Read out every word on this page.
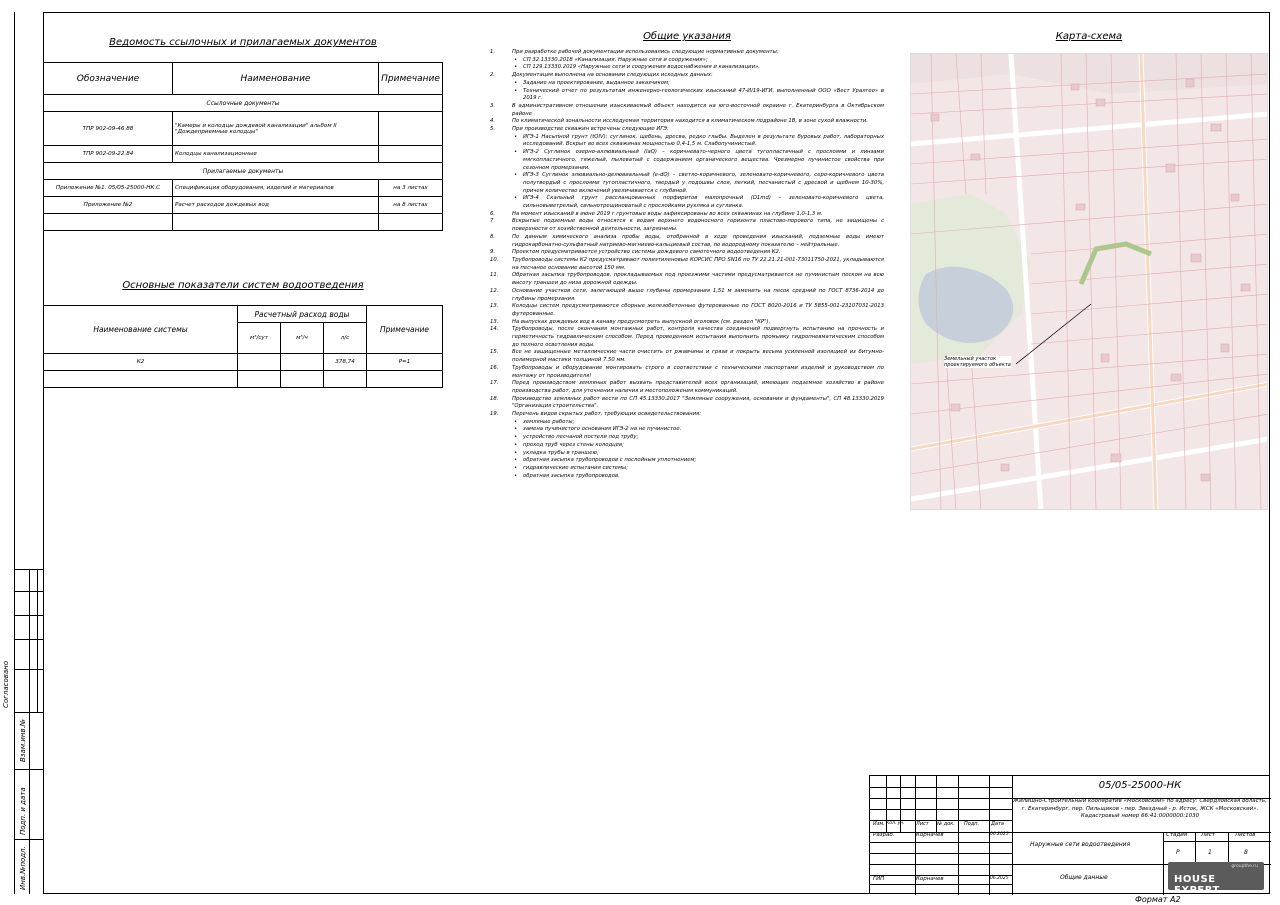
Согласовано
Взам.инв.№
Подп. и дата
Инв.№подл.
Ведомость ссылочных и прилагаемых документов
Обозначение	Наименование	Примечание
Ссылочные документы		
ТПР 902-09-46.88	"Камеры и колодцы дождевой канализации" альбом II "Дождеприемные колодцы"	
ТПР 902-09-22.84	Колодцы канализационные	
Прилагаемые документы		
Приложение №1. 05/05-25000-НК.С	Спецификация оборудования, изделий и материалов	на 3 листах
Приложение №2	Расчет расходов дождевых вод	на 8 листах

Основные показатели систем водоотведения
Наименование системы	Расчетный расход воды			Примечание
	м³/сут	м³/ч	л/с	

К2			378,74	Р=1

Общие указания
1.	При разработке рабочей документации использовались следующие нормативные документы:
• СП 32.13330.2018 «Канализация. Наружные сети и сооружения»;
• СП 129.13330.2019 «Наружные сети и сооружения водоснабжения и канализации».
2.	Документация выполнена на основании следующих исходных данных:
• Задание на проектирование, выданное заказчиком;
• Технический отчет по результатам инженерно-геологических изысканий 47-И/19-ИГИ, выполненный ООО «Вест Уралгео» в 2019 г.
3.	В административном отношении изыскиваемый объект находится на юго-восточной окраине г. Екатеринбурга в Октябрьском районе
4.	По климатической зональности исследуемая территория находится в климатическом подрайоне 1В, в зоне сухой влажности.
5.	При производстве скважин встречены следующие ИГЭ:
• ИГЭ-1 Насыпной грунт (tQIV): суглинок, щебень, дресва, редко глыбы. Выделен в результате буровых работ, лабораторных исследований. Вскрыт во всех скважинах мощностью 0,4-1,5 м. Слабопучинистый.
• ИГЭ-2 Суглинок озерно-аллювиальный (laQ) – коричневато-черного цвета тугопластичный с прослоями и линзами мягкопластичного, тяжелый, пылеватый с содержанием органического вещества. Чрезмерно пучинистое свойства при сезонном промерзании.
• ИГЭ-3 Суглинок элювиально-делювиальный (e-dQ) – светло-коричневого, зеленовато-коричневого, серо-коричневого цвета полутвердый с прослоями тугопластичного, твердый у подошвы слоя, легкий, песчанистый с дресвой и щебнем 10-30%, причем количество включений увеличивается с глубиной.
• ИГЭ-4 Скальный грунт рассланцованных порфиритов малопрочный (D1md) – зеленовато-коричневого цвета, сильновыветрелый, сильнотрещиноватый с прослойками рухляка и суглинка.
6.	На момент изысканий в июне 2019 г грунтовые воды зафиксированы во всех скважинах на глубине 1,0-1,3 м.
7.	Вскрытые подземные воды относятся к водам верхнего водоносного горизонта пластово-порового типа, не защищены с поверхности от хозяйственной деятельности, загрязнены.
8.	По данным химического анализа пробы воды, отобранной в ходе проведения изысканий, подземные воды имеют гидрокарбонатно-сульфатный натриево-магниево-кальциевый состав, по водородному показателю – нейтральные.
9.	Проектом предусматривается устройство системы дождевого самотечного водоотведения К2.
10.	Трубопроводы системы К2 предусматривают полиэтиленовые КОРСИС ПРО SN16 по ТУ 22.21.21-001-73011750-2021, укладываются на песчаное основание высотой 150 мм.
11.	Обратная засыпка трубопроводов, прокладываемых под проезжими частями предусматривается не пучинистым песком на всю высоту траншеи до низа дорожной одежды.
12.	Основание участков сети, залегающей выше глубины промерзания 1,51 м заменить на песок средний по ГОСТ 8736-2014 до глубины промерзания.
13.	Колодцы систем предусматриваются сборные железобетонные футерованные по ГОСТ 8020-2016 и ТУ 5855-001-23107031-2013 футерованные.
13.	На выпусках дождевых вод в канаву предусмотреть выпускной оголовок (см. раздел "КР").
14.	Трубопроводы, после окончания монтажных работ, контроля качества соединений подвергнуть испытанию на прочность и герметичность гидравлическим способом. Перед проведением испытания выполнить промывку гидропневматическим способом до полного осветления воды.
15.	Все не защищенные металлические части очистить от ржавчины и грязи и покрыть весьма усиленной изоляцией из битумно-полимерной мастики толщиной 7.50 мм.
16.	Трубопроводы и оборудование монтировать строго в соответствии с техническими паспортами изделий и руководством по монтажу от производителя!
17.	Перед производством земляных работ вызвать представителей всех организаций, имеющих подземное хозяйство в районе производства работ, для уточнения наличия и местоположения коммуникаций.
18.	Производство земляных работ вести по СП 45.13330.2017 "Земляные сооружения, основания и фундаменты", СП 48.13330.2019 "Организация строительства".
19.	Перечень видов скрытых работ, требующих освидетельствования:
• земляные работы;
• замена пучинистого основания ИГЭ-2 на не пучинистое.
• устройство песчаной постели под трубу;
• проход труб через стены колодцев;
• укладка трубы в траншею;
• обратная засыпка трубопроводов с послойным уплотнением;
• гидравлические испытания системы;
• обратная засыпка трубопроводов.
Карта-схема
Земельный участок
проектируемого объекта
Изм. Кол. уч. Лист № док. Подп. Дата
Разраб.	Корначев	06.2025
ГИП	Корначев	06.2025
05/05-25000-НК
Жилищно-Строительный кооператив «Московский» по адресу: Свердловская область, г. Екатеринбург, пер. Пильщиков - пер. Звездный - р. Исток, ЖСК «Московский». Кадастровый номер 66:41:0000000:1030
Наружные сети водоотведения
Общие данные
Стадия	Лист	Листов
Р	1	8
groupthe.ru
HOUSE EXPERT
Формат А2
